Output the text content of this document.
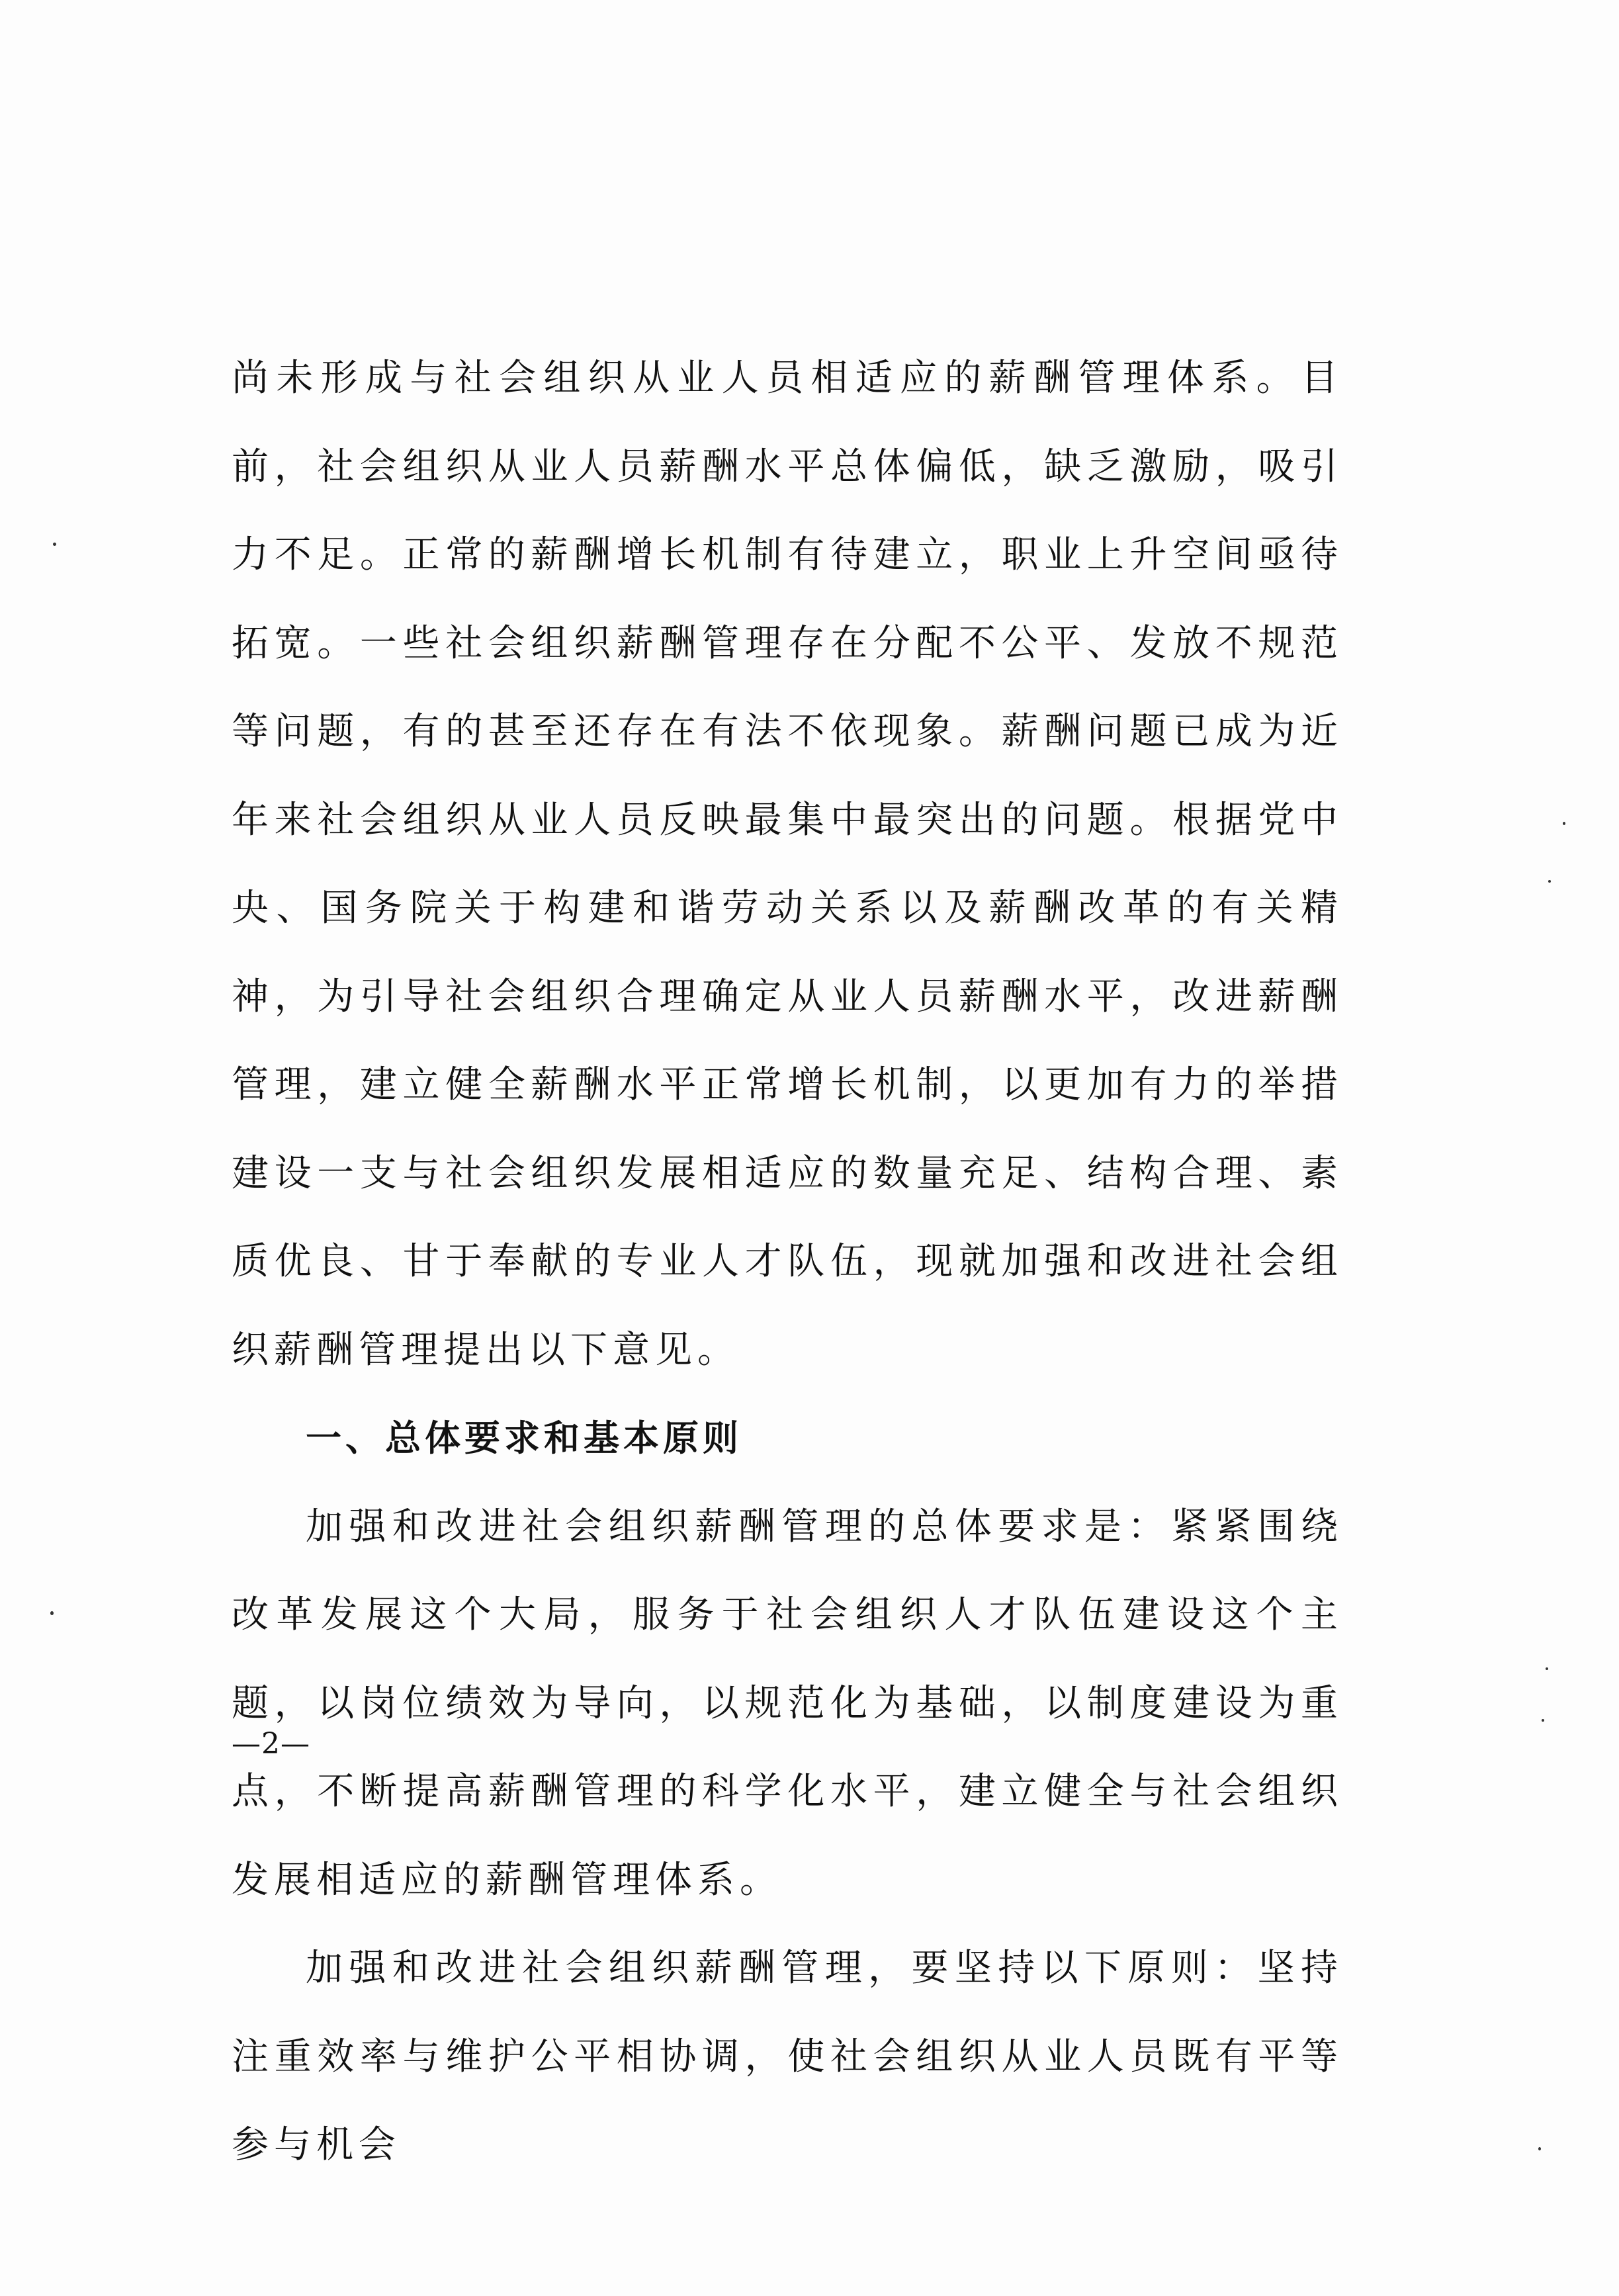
尚未形成与社会组织从业人员相适应的薪酬管理体系。目前，社会组织从业人员薪酬水平总体偏低，缺乏激励，吸引力不足。正常的薪酬增长机制有待建立，职业上升空间亟待拓宽。一些社会组织薪酬管理存在分配不公平、发放不规范等问题，有的甚至还存在有法不依现象。薪酬问题已成为近年来社会组织从业人员反映最集中最突出的问题。根据党中央、国务院关于构建和谐劳动关系以及薪酬改革的有关精神，为引导社会组织合理确定从业人员薪酬水平，改进薪酬管理，建立健全薪酬水平正常增长机制，以更加有力的举措建设一支与社会组织发展相适应的数量充足、结构合理、素质优良、甘于奉献的专业人才队伍，现就加强和改进社会组织薪酬管理提出以下意见。

一、总体要求和基本原则

加强和改进社会组织薪酬管理的总体要求是：紧紧围绕改革发展这个大局，服务于社会组织人才队伍建设这个主题，以岗位绩效为导向，以规范化为基础，以制度建设为重点，不断提高薪酬管理的科学化水平，建立健全与社会组织发展相适应的薪酬管理体系。

加强和改进社会组织薪酬管理，要坚持以下原则：坚持注重效率与维护公平相协调，使社会组织从业人员既有平等参与机会

—2—
